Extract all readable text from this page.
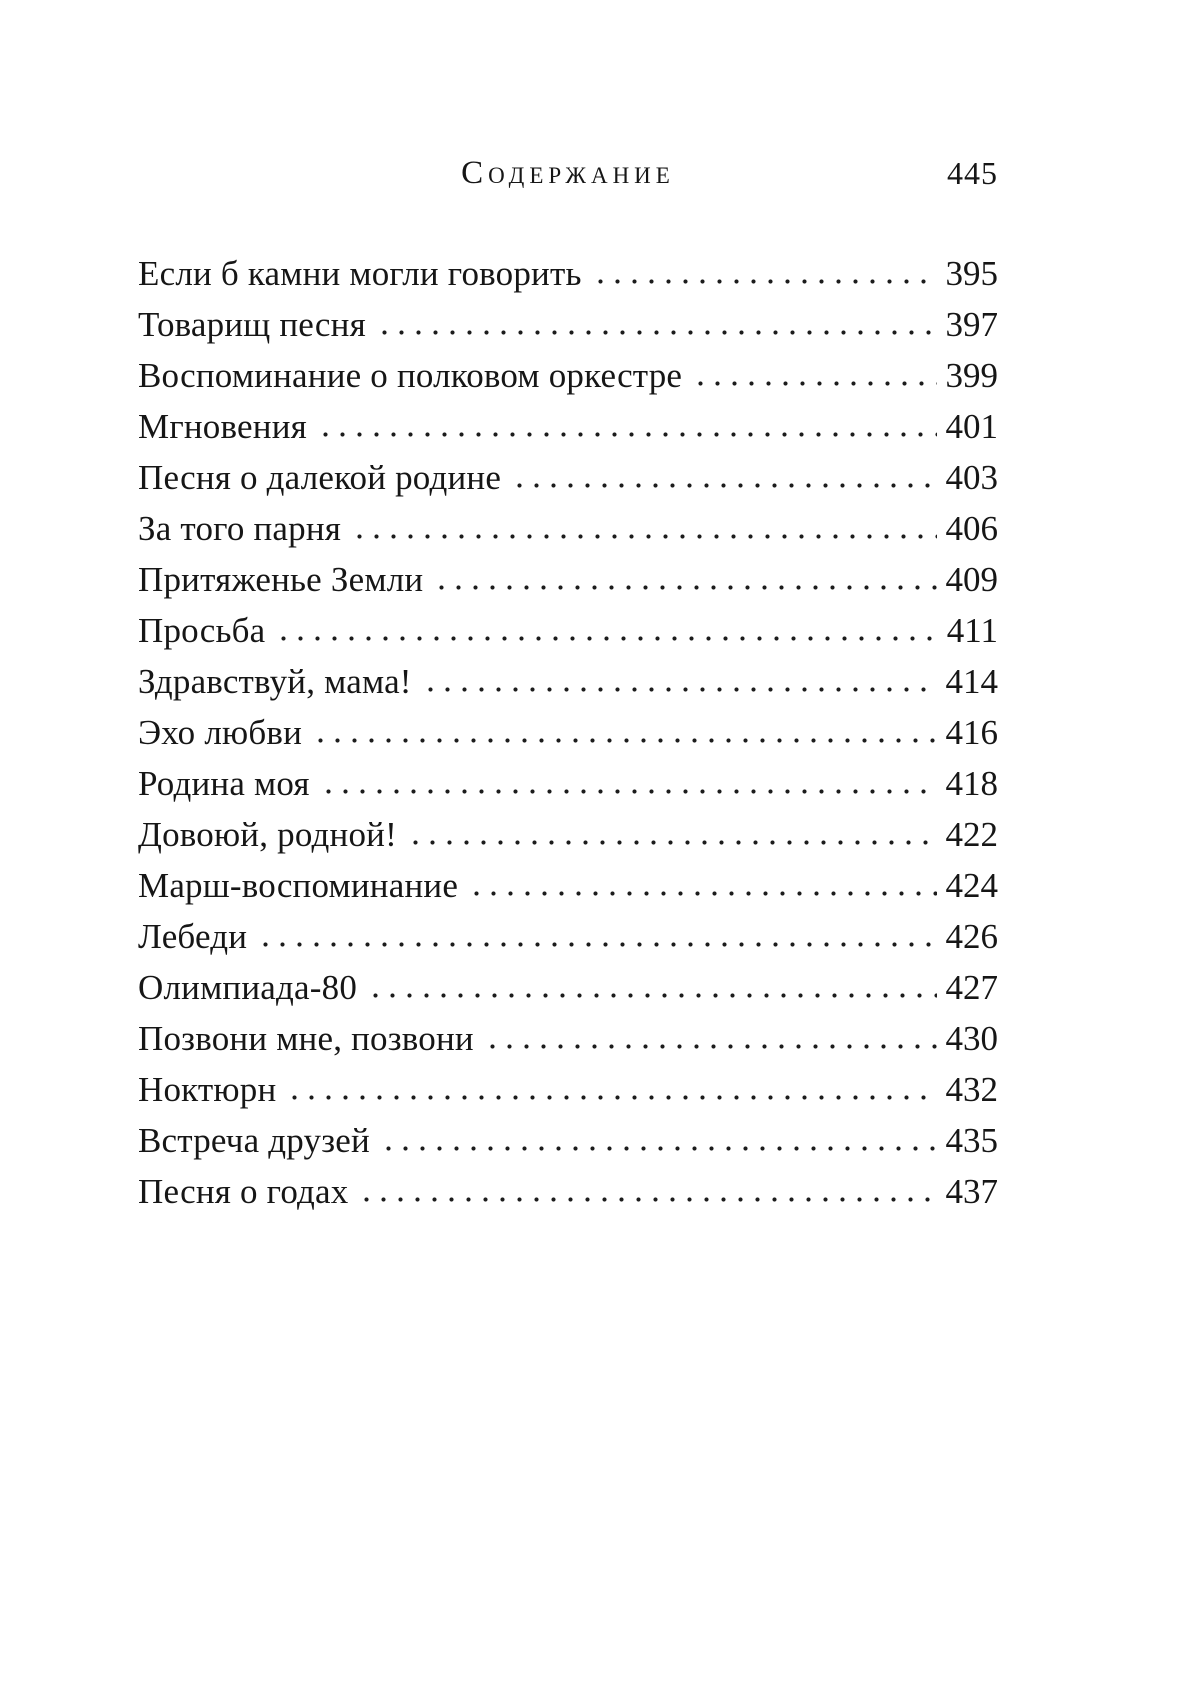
Содержание	445
Если б камни могли говорить	395
Товарищ песня	397
Воспоминание о полковом оркестре	399
Мгновения	401
Песня о далекой родине	403
За того парня	406
Притяженье Земли	409
Просьба	411
Здравствуй, мама!	414
Эхо любви	416
Родина моя	418
Довоюй, родной!	422
Марш-воспоминание	424
Лебеди	426
Олимпиада-80	427
Позвони мне, позвони	430
Ноктюрн	432
Встреча друзей	435
Песня о годах	437
